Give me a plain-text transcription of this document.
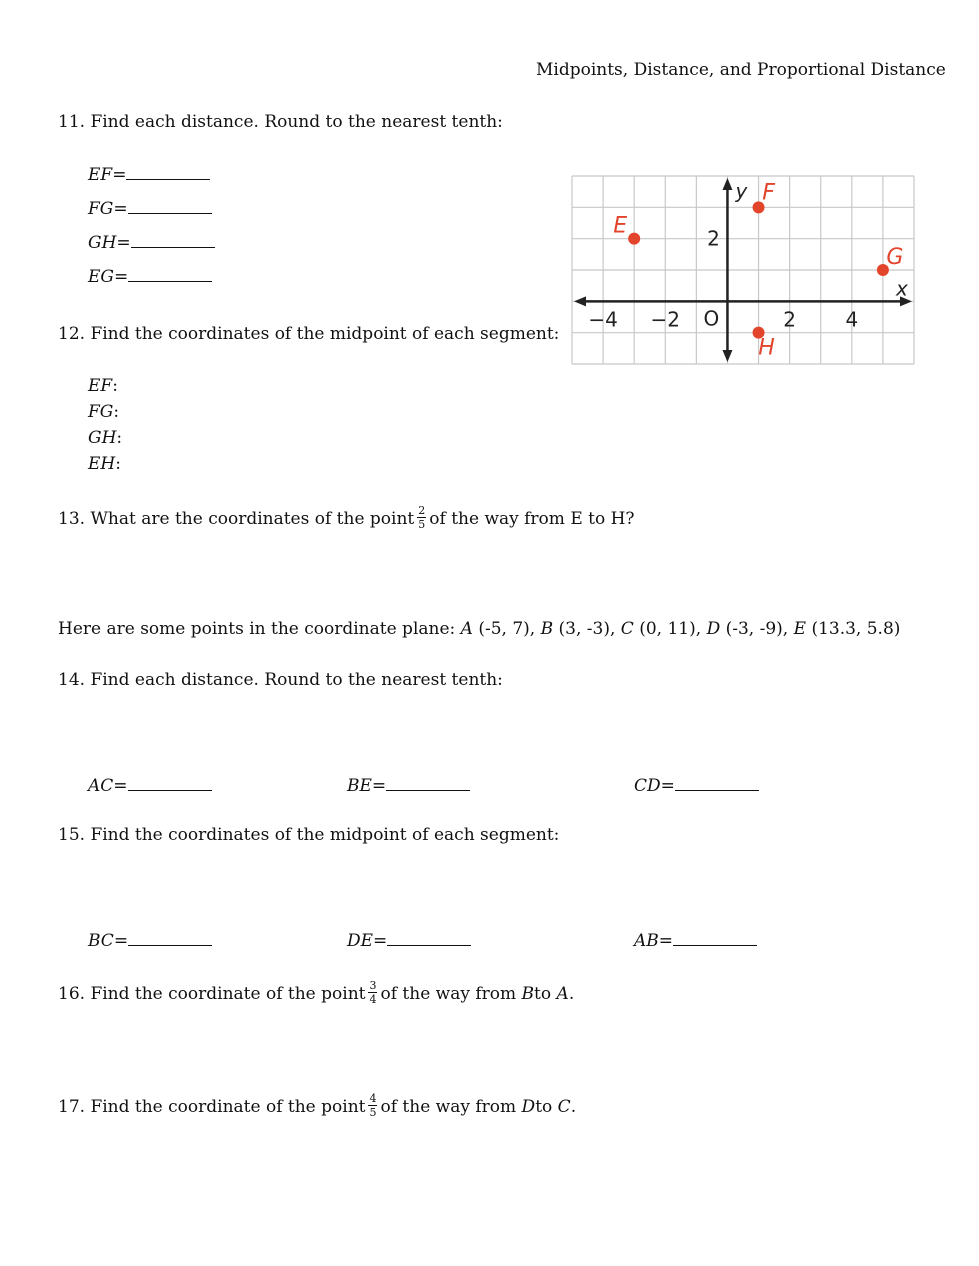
Midpoints, Distance, and Proportional Distance
11. Find each distance. Round to the nearest tenth:
EF=
FG=
GH=
EG=
12. Find the coordinates of the midpoint of each segment:
EF:
FG:
GH:
EH:
13. What are the coordinates of the point $\frac{2}{5}$ of the way from E to H?
Here are some points in the coordinate plane: A (-5, 7), B (3, -3), C (0, 11), D (-3, -9), E (13.3, 5.8)
14. Find each distance. Round to the nearest tenth:
AC=	BE=	CD=
15. Find the coordinates of the midpoint of each segment:
BC=	DE=	AB=
16. Find the coordinate of the point $\frac{3}{4}$ of the way from Bto A.
17. Find the coordinate of the point $\frac{4}{5}$ of the way from Dto C.
−4 −2	2 4
2
x
y
O
E
F
G
H
